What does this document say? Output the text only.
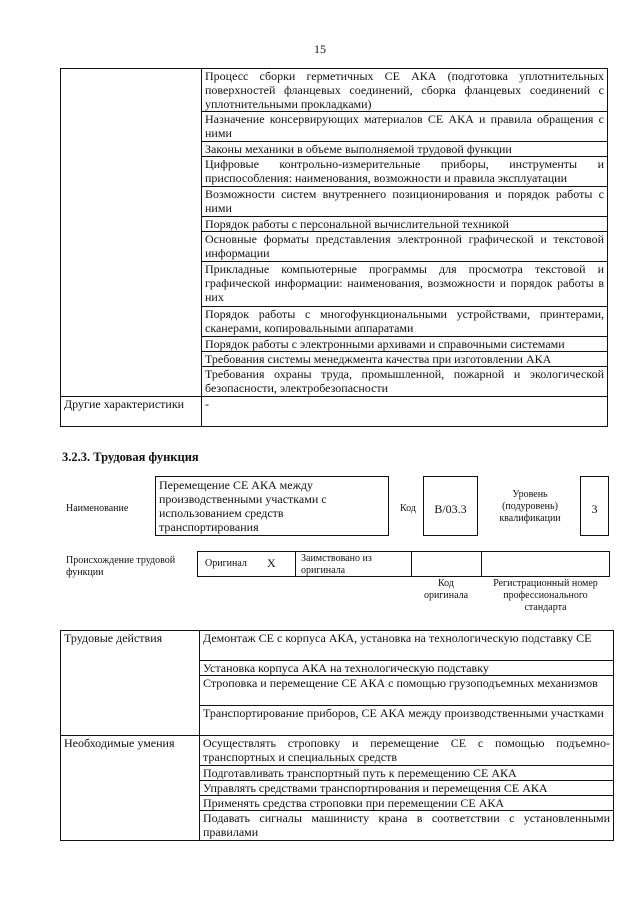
15
	Процесс сборки герметичных СЕ АКА (подготовка уплотнительных поверхностей фланцевых соединений, сборка фланцевых соединений с уплотнительными прокладками)
	Назначение консервирующих материалов СЕ АКА и правила обращения с ними
	Законы механики в объеме выполняемой трудовой функции
	Цифровые контрольно-измерительные приборы, инструменты и приспособления: наименования, возможности и правила эксплуатации
	Возможности систем внутреннего позиционирования и порядок работы с ними
	Порядок работы с персональной вычислительной техникой
	Основные форматы представления электронной графической и текстовой информации
	Прикладные компьютерные программы для просмотра текстовой и графической информации: наименования, возможности и порядок работы в них
	Порядок работы с многофункциональными устройствами, принтерами, сканерами, копировальными аппаратами
	Порядок работы с электронными архивами и справочными системами
	Требования системы менеджмента качества при изготовлении АКА
	Требования охраны труда, промышленной, пожарной и экологической безопасности, электробезопасности
Другие характеристики	-
3.2.3. Трудовая функция
Наименование
Перемещение СЕ АКА между производственными участками с использованием средств транспортирования
Код	B/03.3
Уровень (подуровень) квалификации
3
Происхождение трудовой функции
Оригинал X	Заимствовано из оригинала
Код оригинала
Регистрационный номер профессионального стандарта
Трудовые действия	Демонтаж СЕ с корпуса АКА, установка на технологическую подставку СЕ
	Установка корпуса АКА на технологическую подставку
	Строповка и перемещение СЕ АКА с помощью грузоподъемных механизмов
	Транспортирование приборов, СЕ АКА между производственными участками
Необходимые умения	Осуществлять строповку и перемещение СЕ с помощью подъемно-транспортных и специальных средств
	Подготавливать транспортный путь к перемещению СЕ АКА
	Управлять средствами транспортирования и перемещения СЕ АКА
	Применять средства строповки при перемещении СЕ АКА
	Подавать сигналы машинисту крана в соответствии с установленными правилами
